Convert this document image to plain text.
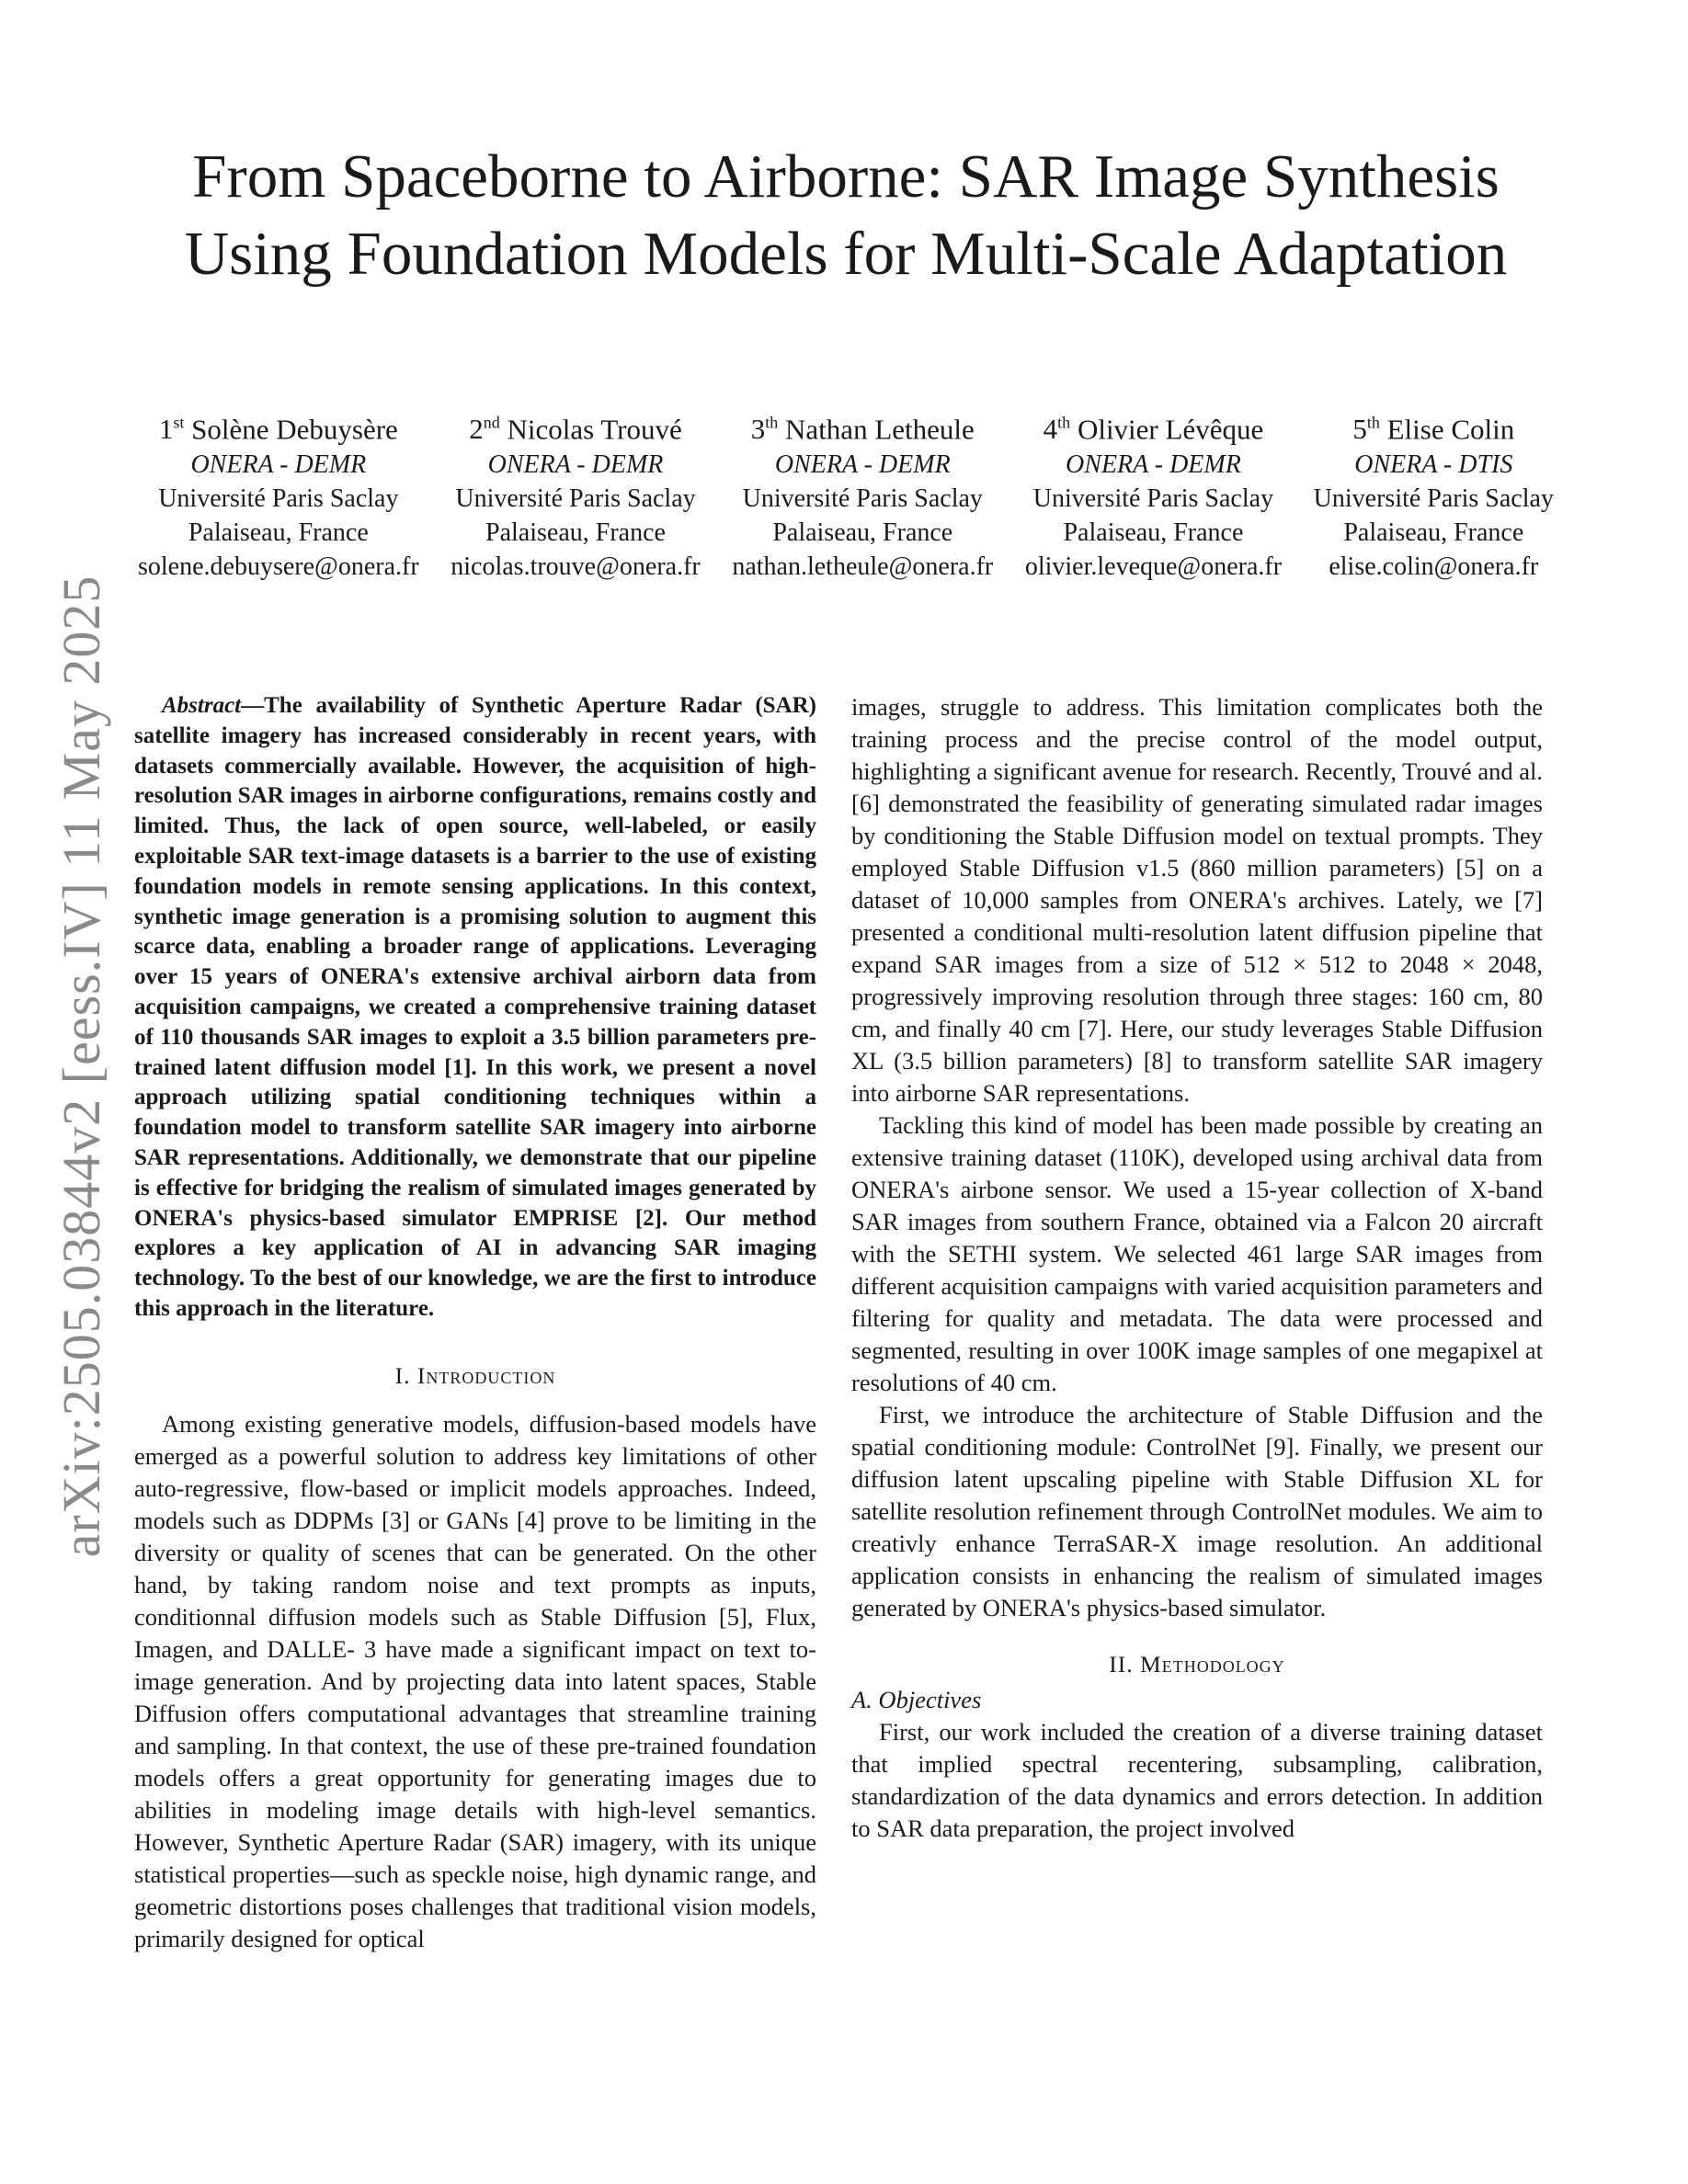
arXiv:2505.03844v2 [eess.IV] 11 May 2025
From Spaceborne to Airborne: SAR Image Synthesis Using Foundation Models for Multi-Scale Adaptation
1st Solène Debuysère
ONERA - DEMR
Université Paris Saclay
Palaiseau, France
solene.debuysere@onera.fr
2nd Nicolas Trouvé
ONERA - DEMR
Université Paris Saclay
Palaiseau, France
nicolas.trouve@onera.fr
3th Nathan Letheule
ONERA - DEMR
Université Paris Saclay
Palaiseau, France
nathan.letheule@onera.fr
4th Olivier Lévêque
ONERA - DEMR
Université Paris Saclay
Palaiseau, France
olivier.leveque@onera.fr
5th Elise Colin
ONERA - DTIS
Université Paris Saclay
Palaiseau, France
elise.colin@onera.fr

Abstract—The availability of Synthetic Aperture Radar (SAR) satellite imagery has increased considerably in recent years, with datasets commercially available. However, the acquisition of high-resolution SAR images in airborne configurations, remains costly and limited. Thus, the lack of open source, well-labeled, or easily exploitable SAR text-image datasets is a barrier to the use of existing foundation models in remote sensing applications. In this context, synthetic image generation is a promising solution to augment this scarce data, enabling a broader range of applications. Leveraging over 15 years of ONERA's extensive archival airborn data from acquisition campaigns, we created a comprehensive training dataset of 110 thousands SAR images to exploit a 3.5 billion parameters pre-trained latent diffusion model [1]. In this work, we present a novel approach utilizing spatial conditioning techniques within a foundation model to transform satellite SAR imagery into airborne SAR representations. Additionally, we demonstrate that our pipeline is effective for bridging the realism of simulated images generated by ONERA's physics-based simulator EMPRISE [2]. Our method explores a key application of AI in advancing SAR imaging technology. To the best of our knowledge, we are the first to introduce this approach in the literature.

I. Introduction

Among existing generative models, diffusion-based models have emerged as a powerful solution to address key limitations of other auto-regressive, flow-based or implicit models approaches. Indeed, models such as DDPMs [3] or GANs [4] prove to be limiting in the diversity or quality of scenes that can be generated. On the other hand, by taking random noise and text prompts as inputs, conditionnal diffusion models such as Stable Diffusion [5], Flux, Imagen, and DALLE- 3 have made a significant impact on text to-image generation. And by projecting data into latent spaces, Stable Diffusion offers computational advantages that streamline training and sampling. In that context, the use of these pre-trained foundation models offers a great opportunity for generating images due to abilities in modeling image details with high-level semantics. However, Synthetic Aperture Radar (SAR) imagery, with its unique statistical properties—such as speckle noise, high dynamic range, and geometric distortions poses challenges that traditional vision models, primarily designed for optical

images, struggle to address. This limitation complicates both the training process and the precise control of the model output, highlighting a significant avenue for research. Recently, Trouvé and al. [6] demonstrated the feasibility of generating simulated radar images by conditioning the Stable Diffusion model on textual prompts. They employed Stable Diffusion v1.5 (860 million parameters) [5] on a dataset of 10,000 samples from ONERA's archives. Lately, we [7] presented a conditional multi-resolution latent diffusion pipeline that expand SAR images from a size of 512 × 512 to 2048 × 2048, progressively improving resolution through three stages: 160 cm, 80 cm, and finally 40 cm [7]. Here, our study leverages Stable Diffusion XL (3.5 billion parameters) [8] to transform satellite SAR imagery into airborne SAR representations.

Tackling this kind of model has been made possible by creating an extensive training dataset (110K), developed using archival data from ONERA's airbone sensor. We used a 15-year collection of X-band SAR images from southern France, obtained via a Falcon 20 aircraft with the SETHI system. We selected 461 large SAR images from different acquisition campaigns with varied acquisition parameters and filtering for quality and metadata. The data were processed and segmented, resulting in over 100K image samples of one megapixel at resolutions of 40 cm.

First, we introduce the architecture of Stable Diffusion and the spatial conditioning module: ControlNet [9]. Finally, we present our diffusion latent upscaling pipeline with Stable Diffusion XL for satellite resolution refinement through ControlNet modules. We aim to creativly enhance TerraSAR-X image resolution. An additional application consists in enhancing the realism of simulated images generated by ONERA's physics-based simulator.

II. Methodology

A. Objectives

First, our work included the creation of a diverse training dataset that implied spectral recentering, subsampling, calibration, standardization of the data dynamics and errors detection. In addition to SAR data preparation, the project involved
